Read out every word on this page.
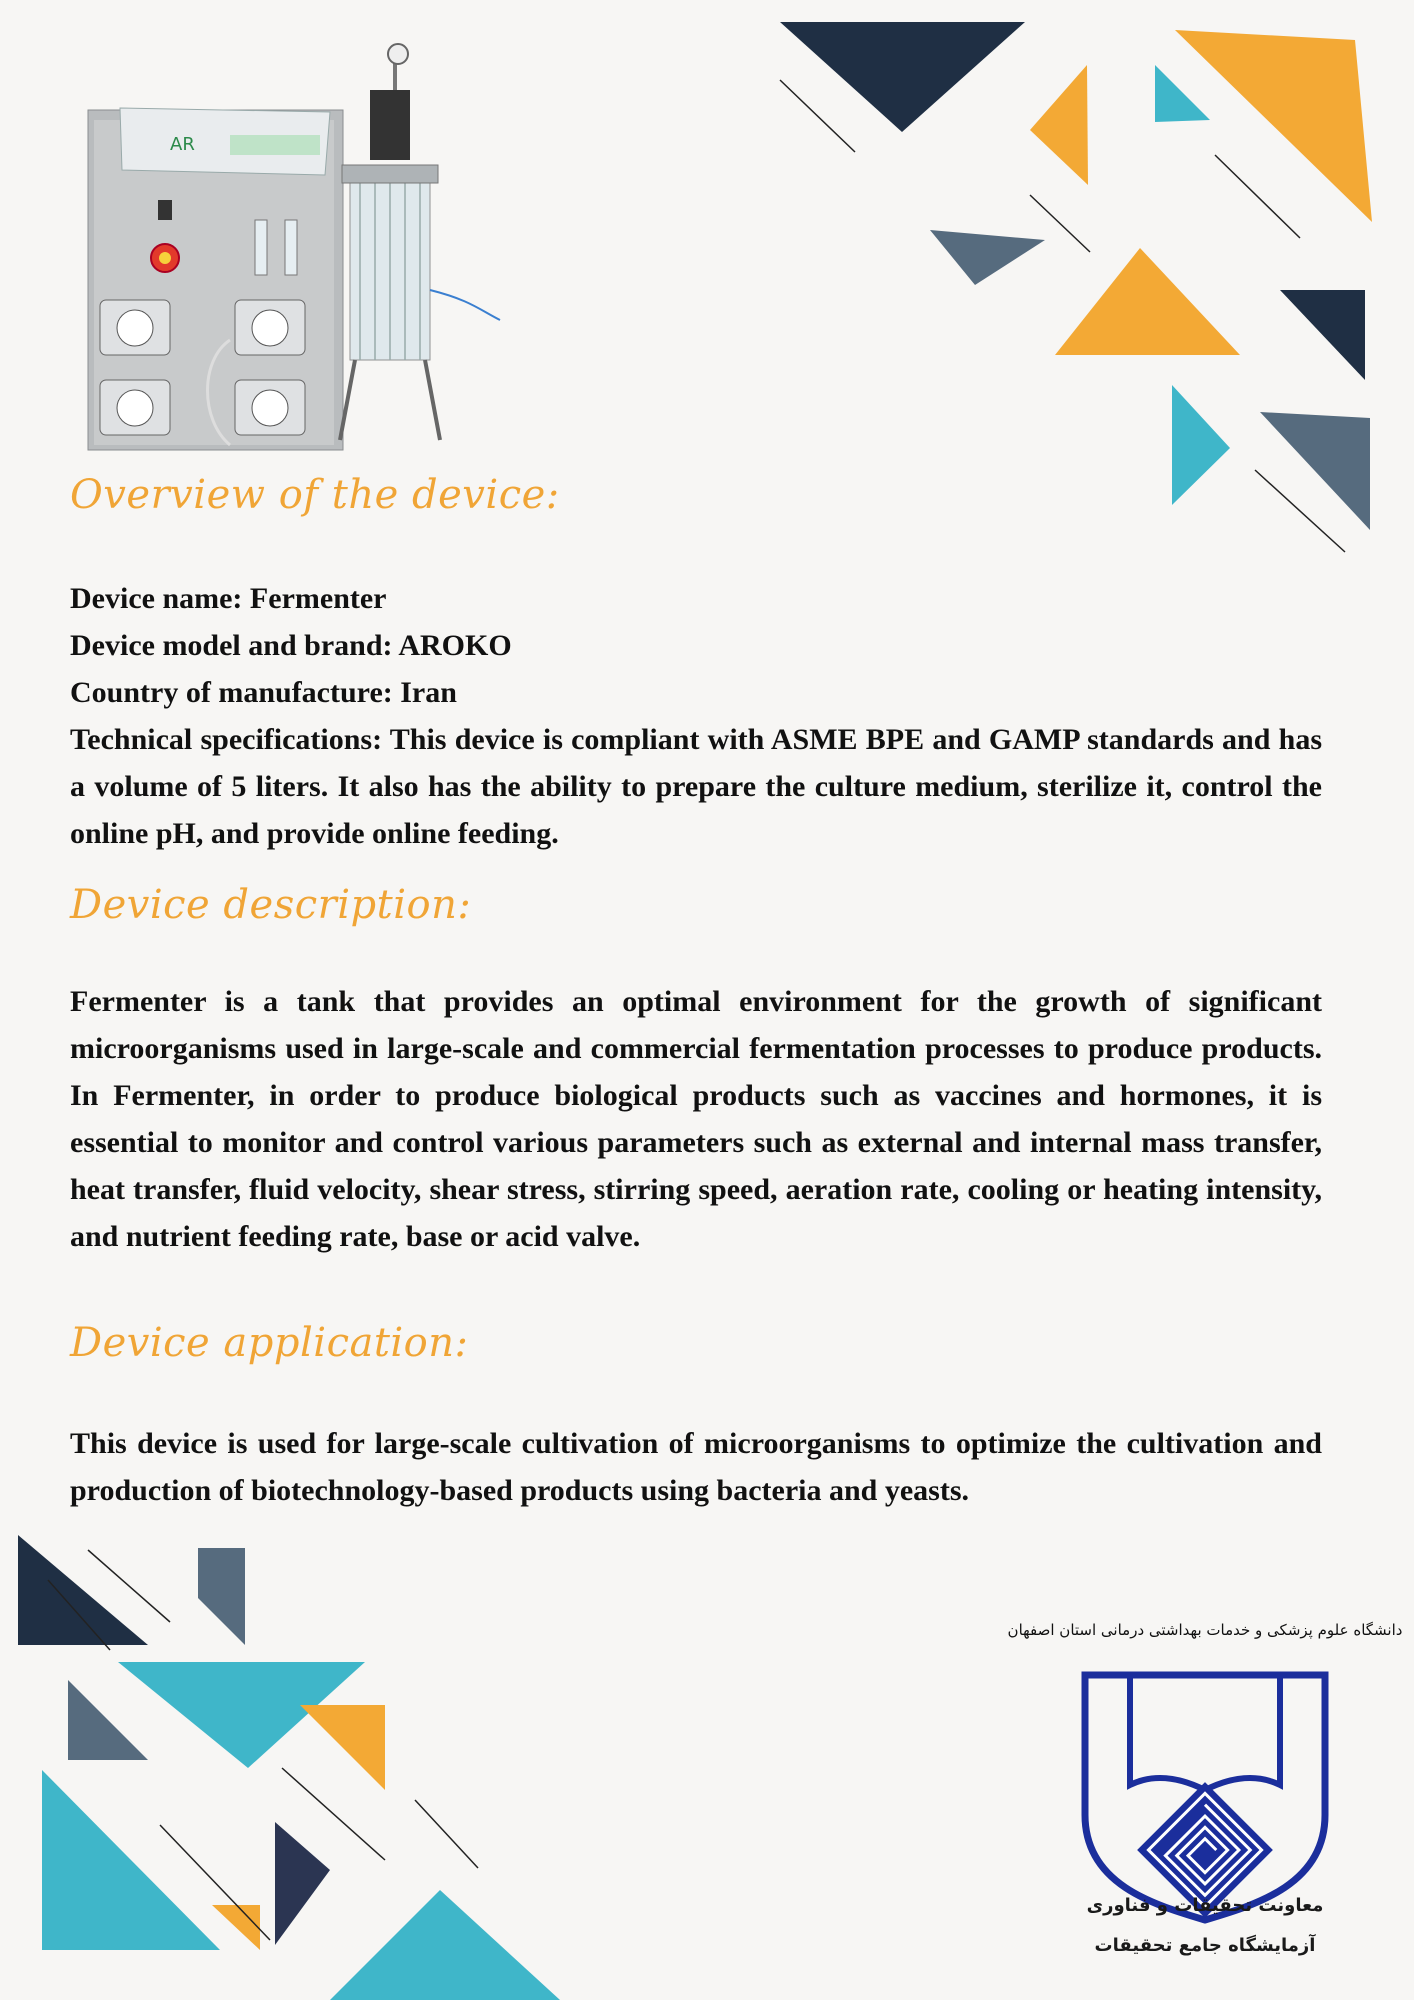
AR
Overview of the device:
Device name: Fermenter
Device model and brand: AROKO
Country of manufacture: Iran
Technical specifications: This device is compliant with ASME BPE and GAMP standards and has a volume of 5 liters. It also has the ability to prepare the culture medium, sterilize it, control the online pH, and provide online feeding.
Device description:

Fermenter is a tank that provides an optimal environment for the growth of significant microorganisms used in large-scale and commercial fermentation processes to produce products. In Fermenter, in order to produce biological products such as vaccines and hormones, it is essential to monitor and control various parameters such as external and internal mass transfer, heat transfer, fluid velocity, shear stress, stirring speed, aeration rate, cooling or heating intensity, and nutrient feeding rate, base or acid valve.

Device application:

This device is used for large-scale cultivation of microorganisms to optimize the cultivation and production of biotechnology-based products using bacteria and yeasts.

دانشگاه علوم پزشکی و خدمات بهداشتی درمانی استان اصفهان
معاونت تحقیقات و فناوری
آزمایشگاه جامع تحقیقات
